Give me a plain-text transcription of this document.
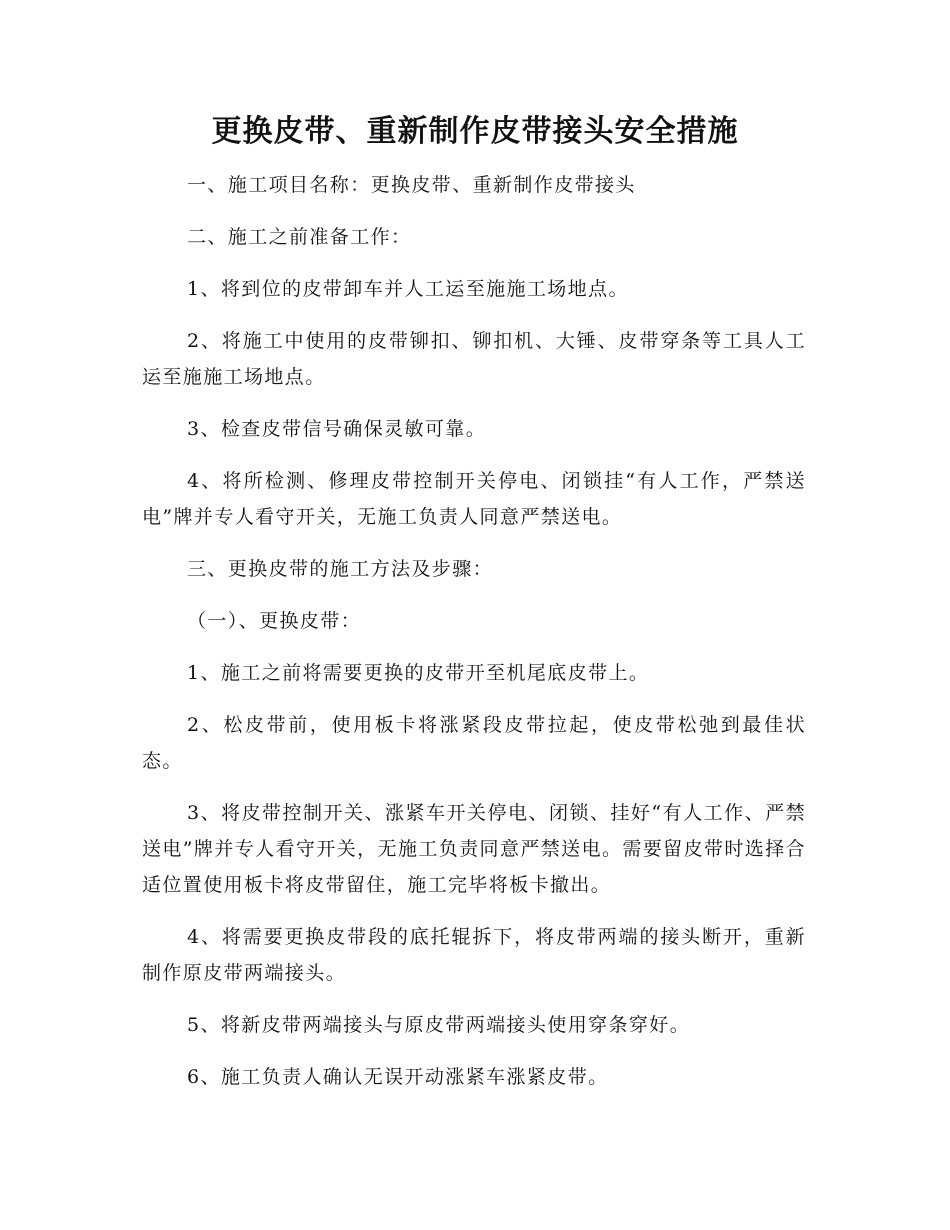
更换皮带、重新制作皮带接头安全措施

一、施工项目名称：更换皮带、重新制作皮带接头

二、施工之前准备工作：

1、将到位的皮带卸车并人工运至施施工场地点。

2、将施工中使用的皮带铆扣、铆扣机、大锤、皮带穿条等工具人工运至施施工场地点。

3、检查皮带信号确保灵敏可靠。

4、将所检测、修理皮带控制开关停电、闭锁挂“有人工作，严禁送电”牌并专人看守开关，无施工负责人同意严禁送电。

三、更换皮带的施工方法及步骤：

（一）、更换皮带：

1、施工之前将需要更换的皮带开至机尾底皮带上。

2、松皮带前，使用板卡将涨紧段皮带拉起，使皮带松弛到最佳状态。

3、将皮带控制开关、涨紧车开关停电、闭锁、挂好“有人工作、严禁送电”牌并专人看守开关，无施工负责同意严禁送电。需要留皮带时选择合适位置使用板卡将皮带留住，施工完毕将板卡撤出。

4、将需要更换皮带段的底托辊拆下，将皮带两端的接头断开，重新制作原皮带两端接头。

5、将新皮带两端接头与原皮带两端接头使用穿条穿好。

6、施工负责人确认无误开动涨紧车涨紧皮带。
